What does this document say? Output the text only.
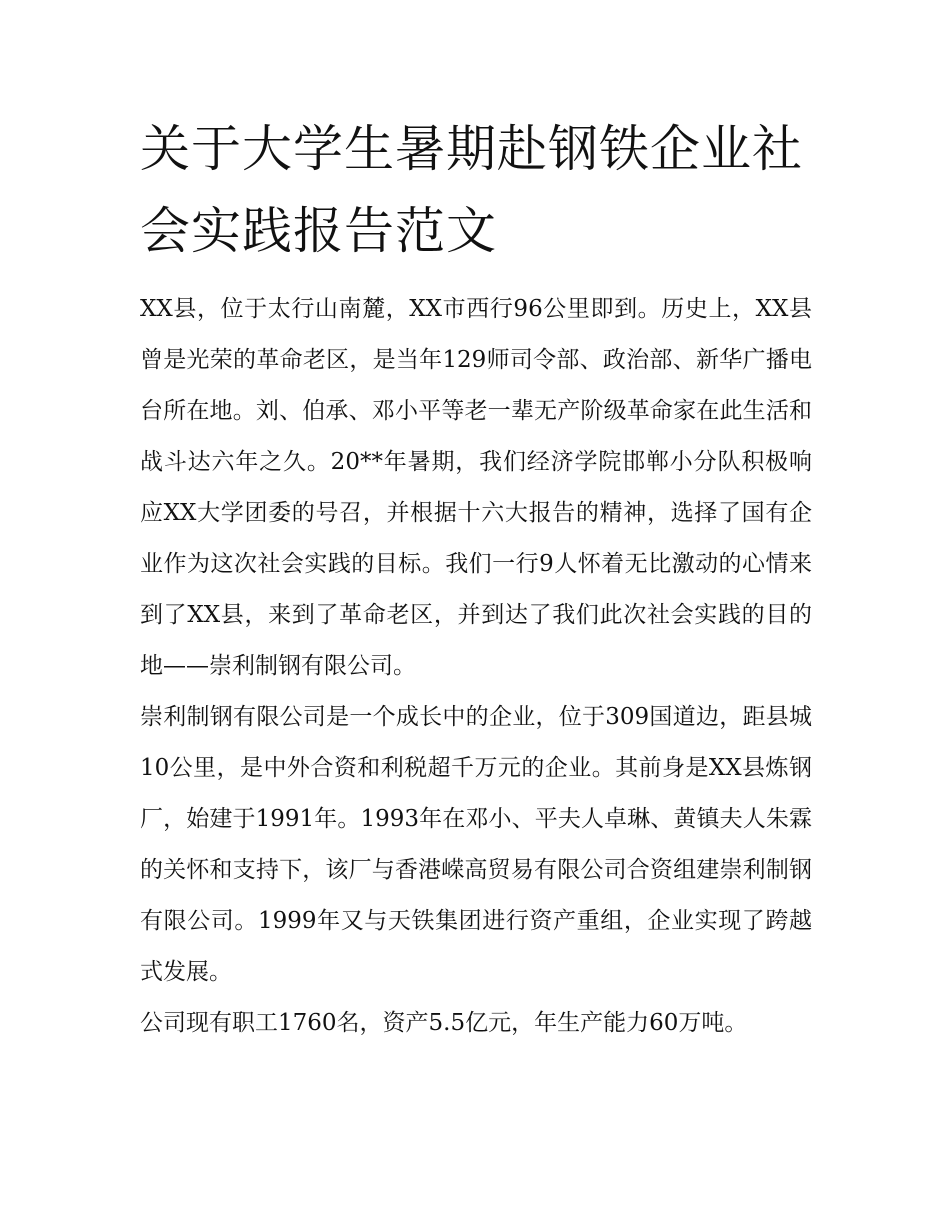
关于大学生暑期赴钢铁企业社会实践报告范文

XX县，位于太行山南麓，XX市西行96公里即到。历史上，XX县曾是光荣的革命老区，是当年129师司令部、政治部、新华广播电台所在地。刘、伯承、邓小平等老一辈无产阶级革命家在此生活和战斗达六年之久。20**年暑期，我们经济学院邯郸小分队积极响应XX大学团委的号召，并根据十六大报告的精神，选择了国有企业作为这次社会实践的目标。我们一行9人怀着无比激动的心情来到了XX县，来到了革命老区，并到达了我们此次社会实践的目的地——崇利制钢有限公司。

崇利制钢有限公司是一个成长中的企业，位于309国道边，距县城10公里，是中外合资和利税超千万元的企业。其前身是XX县炼钢厂，始建于1991年。1993年在邓小、平夫人卓琳、黄镇夫人朱霖的关怀和支持下，该厂与香港嵘高贸易有限公司合资组建崇利制钢有限公司。1999年又与天铁集团进行资产重组，企业实现了跨越式发展。

公司现有职工1760名，资产5.5亿元，年生产能力60万吨。
